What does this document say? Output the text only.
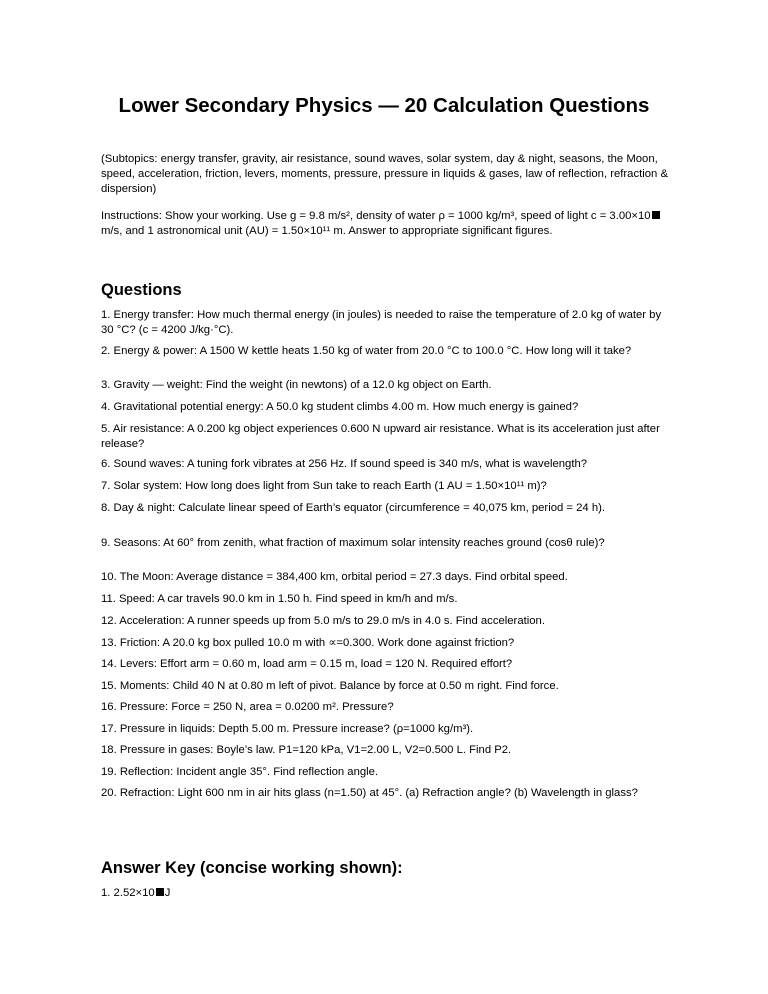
Lower Secondary Physics — 20 Calculation Questions
(Subtopics: energy transfer, gravity, air resistance, sound waves, solar system, day & night, seasons, the Moon, speed, acceleration, friction, levers, moments, pressure, pressure in liquids & gases, law of reflection, refraction & dispersion)
Instructions: Show your working. Use g = 9.8 m/s², density of water ρ = 1000 kg/m³, speed of light c = 3.00×10m/s, and 1 astronomical unit (AU) = 1.50×10¹¹ m. Answer to appropriate significant figures.
Questions
1. Energy transfer: How much thermal energy (in joules) is needed to raise the temperature of 2.0 kg of water by 30 °C? (c = 4200 J/kg·°C).
2. Energy & power: A 1500 W kettle heats 1.50 kg of water from 20.0 °C to 100.0 °C. How long will it take?
3. Gravity — weight: Find the weight (in newtons) of a 12.0 kg object on Earth.
4. Gravitational potential energy: A 50.0 kg student climbs 4.00 m. How much energy is gained?
5. Air resistance: A 0.200 kg object experiences 0.600 N upward air resistance. What is its acceleration just after release?
6. Sound waves: A tuning fork vibrates at 256 Hz. If sound speed is 340 m/s, what is wavelength?
7. Solar system: How long does light from Sun take to reach Earth (1 AU = 1.50×10¹¹ m)?
8. Day & night: Calculate linear speed of Earth’s equator (circumference = 40,075 km, period = 24 h).
9. Seasons: At 60° from zenith, what fraction of maximum solar intensity reaches ground (cosθ rule)?
10. The Moon: Average distance = 384,400 km, orbital period = 27.3 days. Find orbital speed.
11. Speed: A car travels 90.0 km in 1.50 h. Find speed in km/h and m/s.
12. Acceleration: A runner speeds up from 5.0 m/s to 29.0 m/s in 4.0 s. Find acceleration.
13. Friction: A 20.0 kg box pulled 10.0 m with ∝=0.300. Work done against friction?
14. Levers: Effort arm = 0.60 m, load arm = 0.15 m, load = 120 N. Required effort?
15. Moments: Child 40 N at 0.80 m left of pivot. Balance by force at 0.50 m right. Find force.
16. Pressure: Force = 250 N, area = 0.0200 m². Pressure?
17. Pressure in liquids: Depth 5.00 m. Pressure increase? (ρ=1000 kg/m³).
18. Pressure in gases: Boyle’s law. P1=120 kPa, V1=2.00 L, V2=0.500 L. Find P2.
19. Reflection: Incident angle 35°. Find reflection angle.
20. Refraction: Light 600 nm in air hits glass (n=1.50) at 45°. (a) Refraction angle? (b) Wavelength in glass?
Answer Key (concise working shown):
1. 2.52×10 J
